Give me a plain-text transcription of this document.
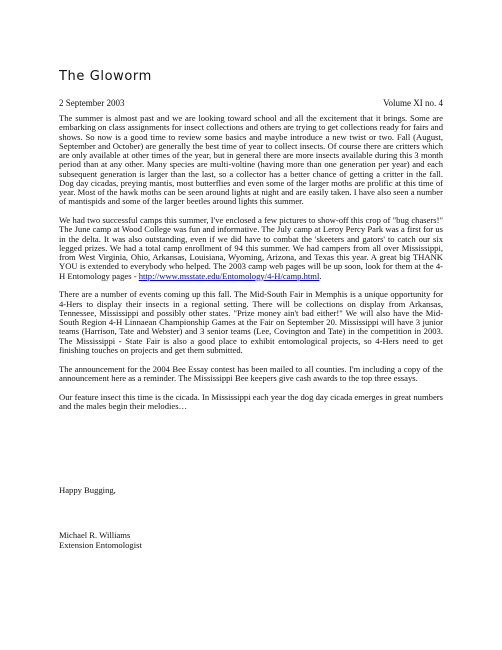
The Gloworm
2 September 2003	Volume XI no. 4

The summer is almost past and we are looking toward school and all the excitement that it brings. Some are embarking on class assignments for insect collections and others are trying to get collections ready for fairs and shows. So now is a good time to review some basics and maybe introduce a new twist or two. Fall (August, September and October) are generally the best time of year to collect insects. Of course there are critters which are only available at other times of the year, but in general there are more insects available during this 3 month period than at any other. Many species are multi-voltine (having more than one generation per year) and each subsequent generation is larger than the last, so a collector has a better chance of getting a critter in the fall. Dog day cicadas, preying mantis, most butterflies and even some of the larger moths are prolific at this time of year. Most of the hawk moths can be seen around lights at night and are easily taken. I have also seen a number of mantispids and some of the larger beetles around lights this summer.

We had two successful camps this summer, I've enclosed a few pictures to show-off this crop of "bug chasers!" The June camp at Wood College was fun and informative. The July camp at Leroy Percy Park was a first for us in the delta. It was also outstanding, even if we did have to combat the 'skeeters and gators' to catch our six legged prizes. We had a total camp enrollment of 94 this summer. We had campers from all over Mississippi, from West Virginia, Ohio, Arkansas, Louisiana, Wyoming, Arizona, and Texas this year. A great big THANK YOU is extended to everybody who helped. The 2003 camp web pages will be up soon, look for them at the 4-H Entomology pages - http://www.msstate.edu/Entomology/4-H/camp.html.

There are a number of events coming up this fall. The Mid-South Fair in Memphis is a unique opportunity for 4-Hers to display their insects in a regional setting. There will be collections on display from Arkansas, Tennessee, Mississippi and possibly other states. "Prize money ain't bad either!" We will also have the Mid-South Region 4-H Linnaean Championship Games at the Fair on September 20. Mississippi will have 3 junior teams (Harrison, Tate and Webster) and 3 senior teams (Lee, Covington and Tate) in the competition in 2003. The Mississippi - State Fair is also a good place to exhibit entomological projects, so 4-Hers need to get finishing touches on projects and get them submitted.

The announcement for the 2004 Bee Essay contest has been mailed to all counties. I'm including a copy of the announcement here as a reminder. The Mississippi Bee keepers give cash awards to the top three essays.

Our feature insect this time is the cicada. In Mississippi each year the dog day cicada emerges in great numbers and the males begin their melodies…

Happy Bugging,
Michael R. Williams
Extension Entomologist
